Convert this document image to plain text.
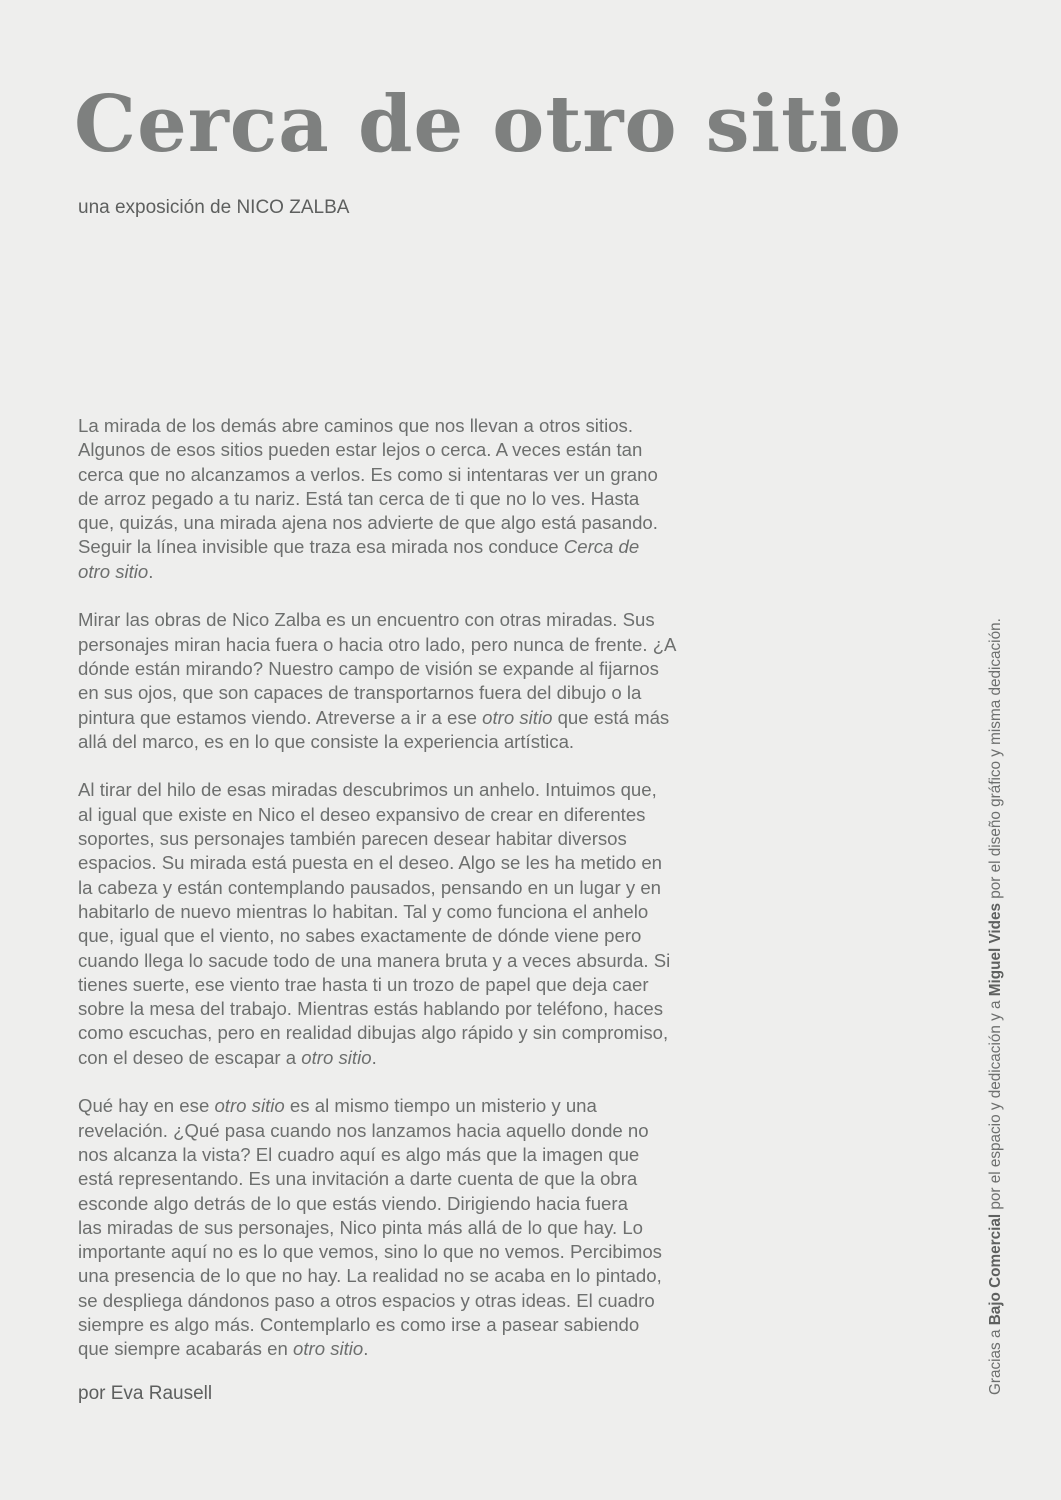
Cerca de otro sitio

una exposición de NICO ZALBA

La mirada de los demás abre caminos que nos llevan a otros sitios.
Algunos de esos sitios pueden estar lejos o cerca. A veces están tan
cerca que no alcanzamos a verlos. Es como si intentaras ver un grano
de arroz pegado a tu nariz. Está tan cerca de ti que no lo ves. Hasta
que, quizás, una mirada ajena nos advierte de que algo está pasando.
Seguir la línea invisible que traza esa mirada nos conduce Cerca de
otro sitio.

Mirar las obras de Nico Zalba es un encuentro con otras miradas. Sus
personajes miran hacia fuera o hacia otro lado, pero nunca de frente. ¿A
dónde están mirando? Nuestro campo de visión se expande al fijarnos
en sus ojos, que son capaces de transportarnos fuera del dibujo o la
pintura que estamos viendo. Atreverse a ir a ese otro sitio que está más
allá del marco, es en lo que consiste la experiencia artística.

Al tirar del hilo de esas miradas descubrimos un anhelo. Intuimos que,
al igual que existe en Nico el deseo expansivo de crear en diferentes
soportes, sus personajes también parecen desear habitar diversos
espacios. Su mirada está puesta en el deseo. Algo se les ha metido en
la cabeza y están contemplando pausados, pensando en un lugar y en
habitarlo de nuevo mientras lo habitan. Tal y como funciona el anhelo
que, igual que el viento, no sabes exactamente de dónde viene pero
cuando llega lo sacude todo de una manera bruta y a veces absurda. Si
tienes suerte, ese viento trae hasta ti un trozo de papel que deja caer
sobre la mesa del trabajo. Mientras estás hablando por teléfono, haces
como escuchas, pero en realidad dibujas algo rápido y sin compromiso,
con el deseo de escapar a otro sitio.

Qué hay en ese otro sitio es al mismo tiempo un misterio y una
revelación. ¿Qué pasa cuando nos lanzamos hacia aquello donde no
nos alcanza la vista? El cuadro aquí es algo más que la imagen que
está representando. Es una invitación a darte cuenta de que la obra
esconde algo detrás de lo que estás viendo. Dirigiendo hacia fuera
las miradas de sus personajes, Nico pinta más allá de lo que hay. Lo
importante aquí no es lo que vemos, sino lo que no vemos. Percibimos
una presencia de lo que no hay. La realidad no se acaba en lo pintado,
se despliega dándonos paso a otros espacios y otras ideas. El cuadro
siempre es algo más. Contemplarlo es como irse a pasear sabiendo
que siempre acabarás en otro sitio.

por Eva Rausell	Gracias a Bajo Comercial por el espacio y dedicación y a Miguel Vides por el diseño gráfico y misma dedicación.
